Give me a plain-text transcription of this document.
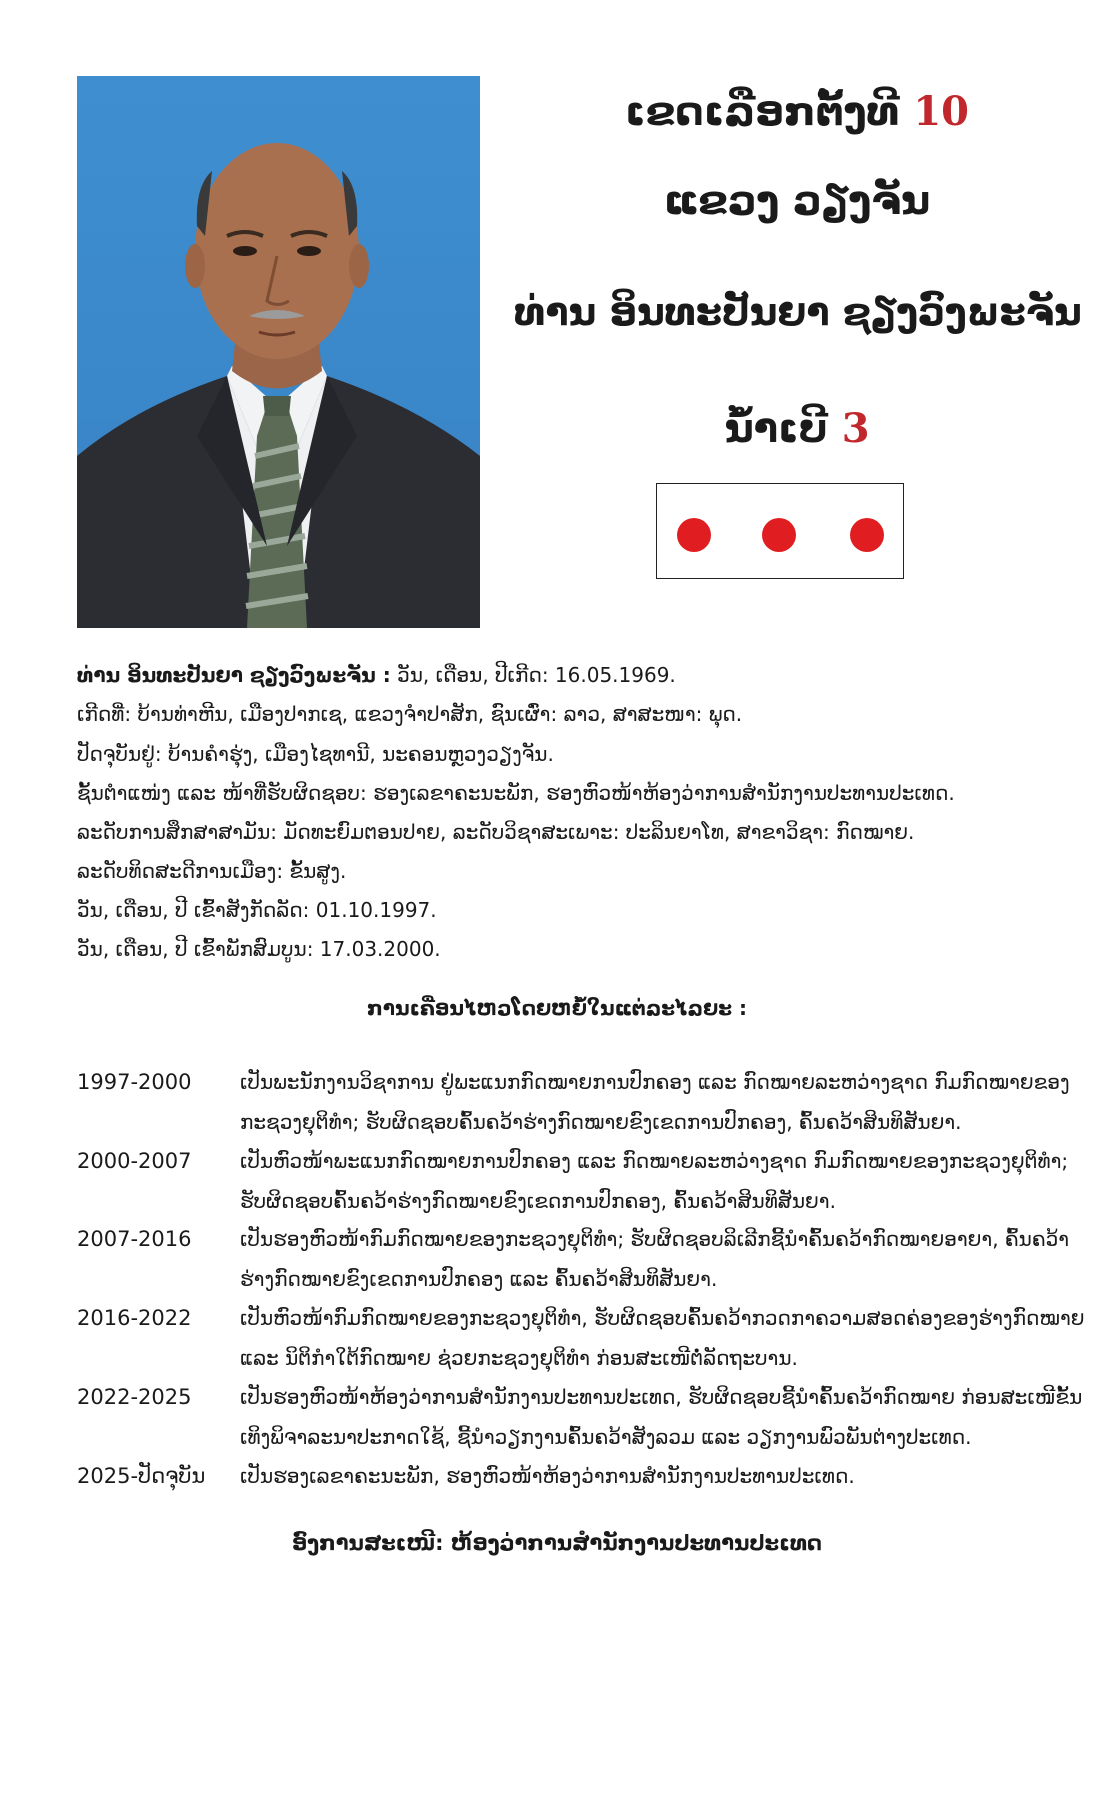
ເຂດເລືອກຕັ້ງທີ 10
ແຂວງ ວຽງຈັນ
ທ່ານ ອິນທະປັນຍາ ຊຽງວົງພະຈັນ
ນໍ້າເບີ 3
ທ່ານ ອິນທະປັນຍາ ຊຽງວົງພະຈັນ : ວັນ, ເດືອນ, ປີເກີດ: 16.05.1969.
ເກີດທີ່: ບ້ານທ່າຫີນ, ເມືອງປາກເຊ, ແຂວງຈຳປາສັກ, ຊົນເຜົ່າ: ລາວ, ສາສະໜາ: ພຸດ.
ປັດຈຸບັນຢູ່: ບ້ານຄຳຮຸ່ງ, ເມືອງໄຊທານີ, ນະຄອນຫຼວງວຽງຈັນ.
ຊັ້ນຕຳແໜ່ງ ແລະ ໜ້າທີ່ຮັບຜິດຊອບ: ຮອງເລຂາຄະນະພັກ, ຮອງຫົວໜ້າຫ້ອງວ່າການສຳນັກງານປະທານປະເທດ.
ລະດັບການສຶກສາສາມັນ: ມັດທະຍົມຕອນປາຍ, ລະດັບວິຊາສະເພາະ: ປະລິນຍາໂທ, ສາຂາວິຊາ: ກົດໝາຍ.
ລະດັບທິດສະດີການເມືອງ: ຂັ້ນສູງ.
ວັນ, ເດືອນ, ປີ ເຂົ້າສັງກັດລັດ: 01.10.1997.
ວັນ, ເດືອນ, ປີ ເຂົ້າພັກສົມບູນ: 17.03.2000.
ການເຄື່ອນໄຫວໂດຍຫຍໍ້ໃນແຕ່ລະໄລຍະ :
1997-2000 ເປັນພະນັກງານວິຊາການ ຢູ່ພະແນກກົດໝາຍການປົກຄອງ ແລະ ກົດໝາຍລະຫວ່າງຊາດ ກົມກົດໝາຍຂອງກະຊວງຍຸຕິທຳ; ຮັບຜິດຊອບຄົ້ນຄວ້າຮ່າງກົດໝາຍຂົງເຂດການປົກຄອງ, ຄົ້ນຄວ້າສິນທິສັນຍາ.
2000-2007 ເປັນຫົວໜ້າພະແນກກົດໝາຍການປົກຄອງ ແລະ ກົດໝາຍລະຫວ່າງຊາດ ກົມກົດໝາຍຂອງກະຊວງຍຸຕິທຳ; ຮັບຜິດຊອບຄົ້ນຄວ້າຮ່າງກົດໝາຍຂົງເຂດການປົກຄອງ, ຄົ້ນຄວ້າສິນທິສັນຍາ.
2007-2016 ເປັນຮອງຫົວໜ້າກົມກົດໝາຍຂອງກະຊວງຍຸຕິທຳ; ຮັບຜິດຊອບລິເລີກຊີ້ນຳຄົ້ນຄວ້າກົດໝາຍອາຍາ, ຄົ້ນຄວ້າຮ່າງກົດໝາຍຂົງເຂດການປົກຄອງ ແລະ ຄົ້ນຄວ້າສິນທິສັນຍາ.
2016-2022 ເປັນຫົວໜ້າກົມກົດໝາຍຂອງກະຊວງຍຸຕິທຳ, ຮັບຜິດຊອບຄົ້ນຄວ້າກວດກາຄວາມສອດຄ່ອງຂອງຮ່າງກົດໝາຍ ແລະ ນິຕິກຳໃຕ້ກົດໝາຍ ຊ່ວຍກະຊວງຍຸຕິທຳ ກ່ອນສະເໜີຕໍ່ລັດຖະບານ.
2022-2025 ເປັນຮອງຫົວໜ້າຫ້ອງວ່າການສຳນັກງານປະທານປະເທດ, ຮັບຜິດຊອບຊີ້ນຳຄົ້ນຄວ້າກົດໝາຍ ກ່ອນສະເໜີຂັ້ນເທິງພິຈາລະນາປະກາດໃຊ້, ຊີ້ນຳວຽກງານຄົ້ນຄວ້າສັງລວມ ແລະ ວຽກງານພົວພັນຕ່າງປະເທດ.
2025-ປັດຈຸບັນ ເປັນຮອງເລຂາຄະນະພັກ, ຮອງຫົວໜ້າຫ້ອງວ່າການສຳນັກງານປະທານປະເທດ.
ອົງການສະເໜີ: ຫ້ອງວ່າການສຳນັກງານປະທານປະເທດ
